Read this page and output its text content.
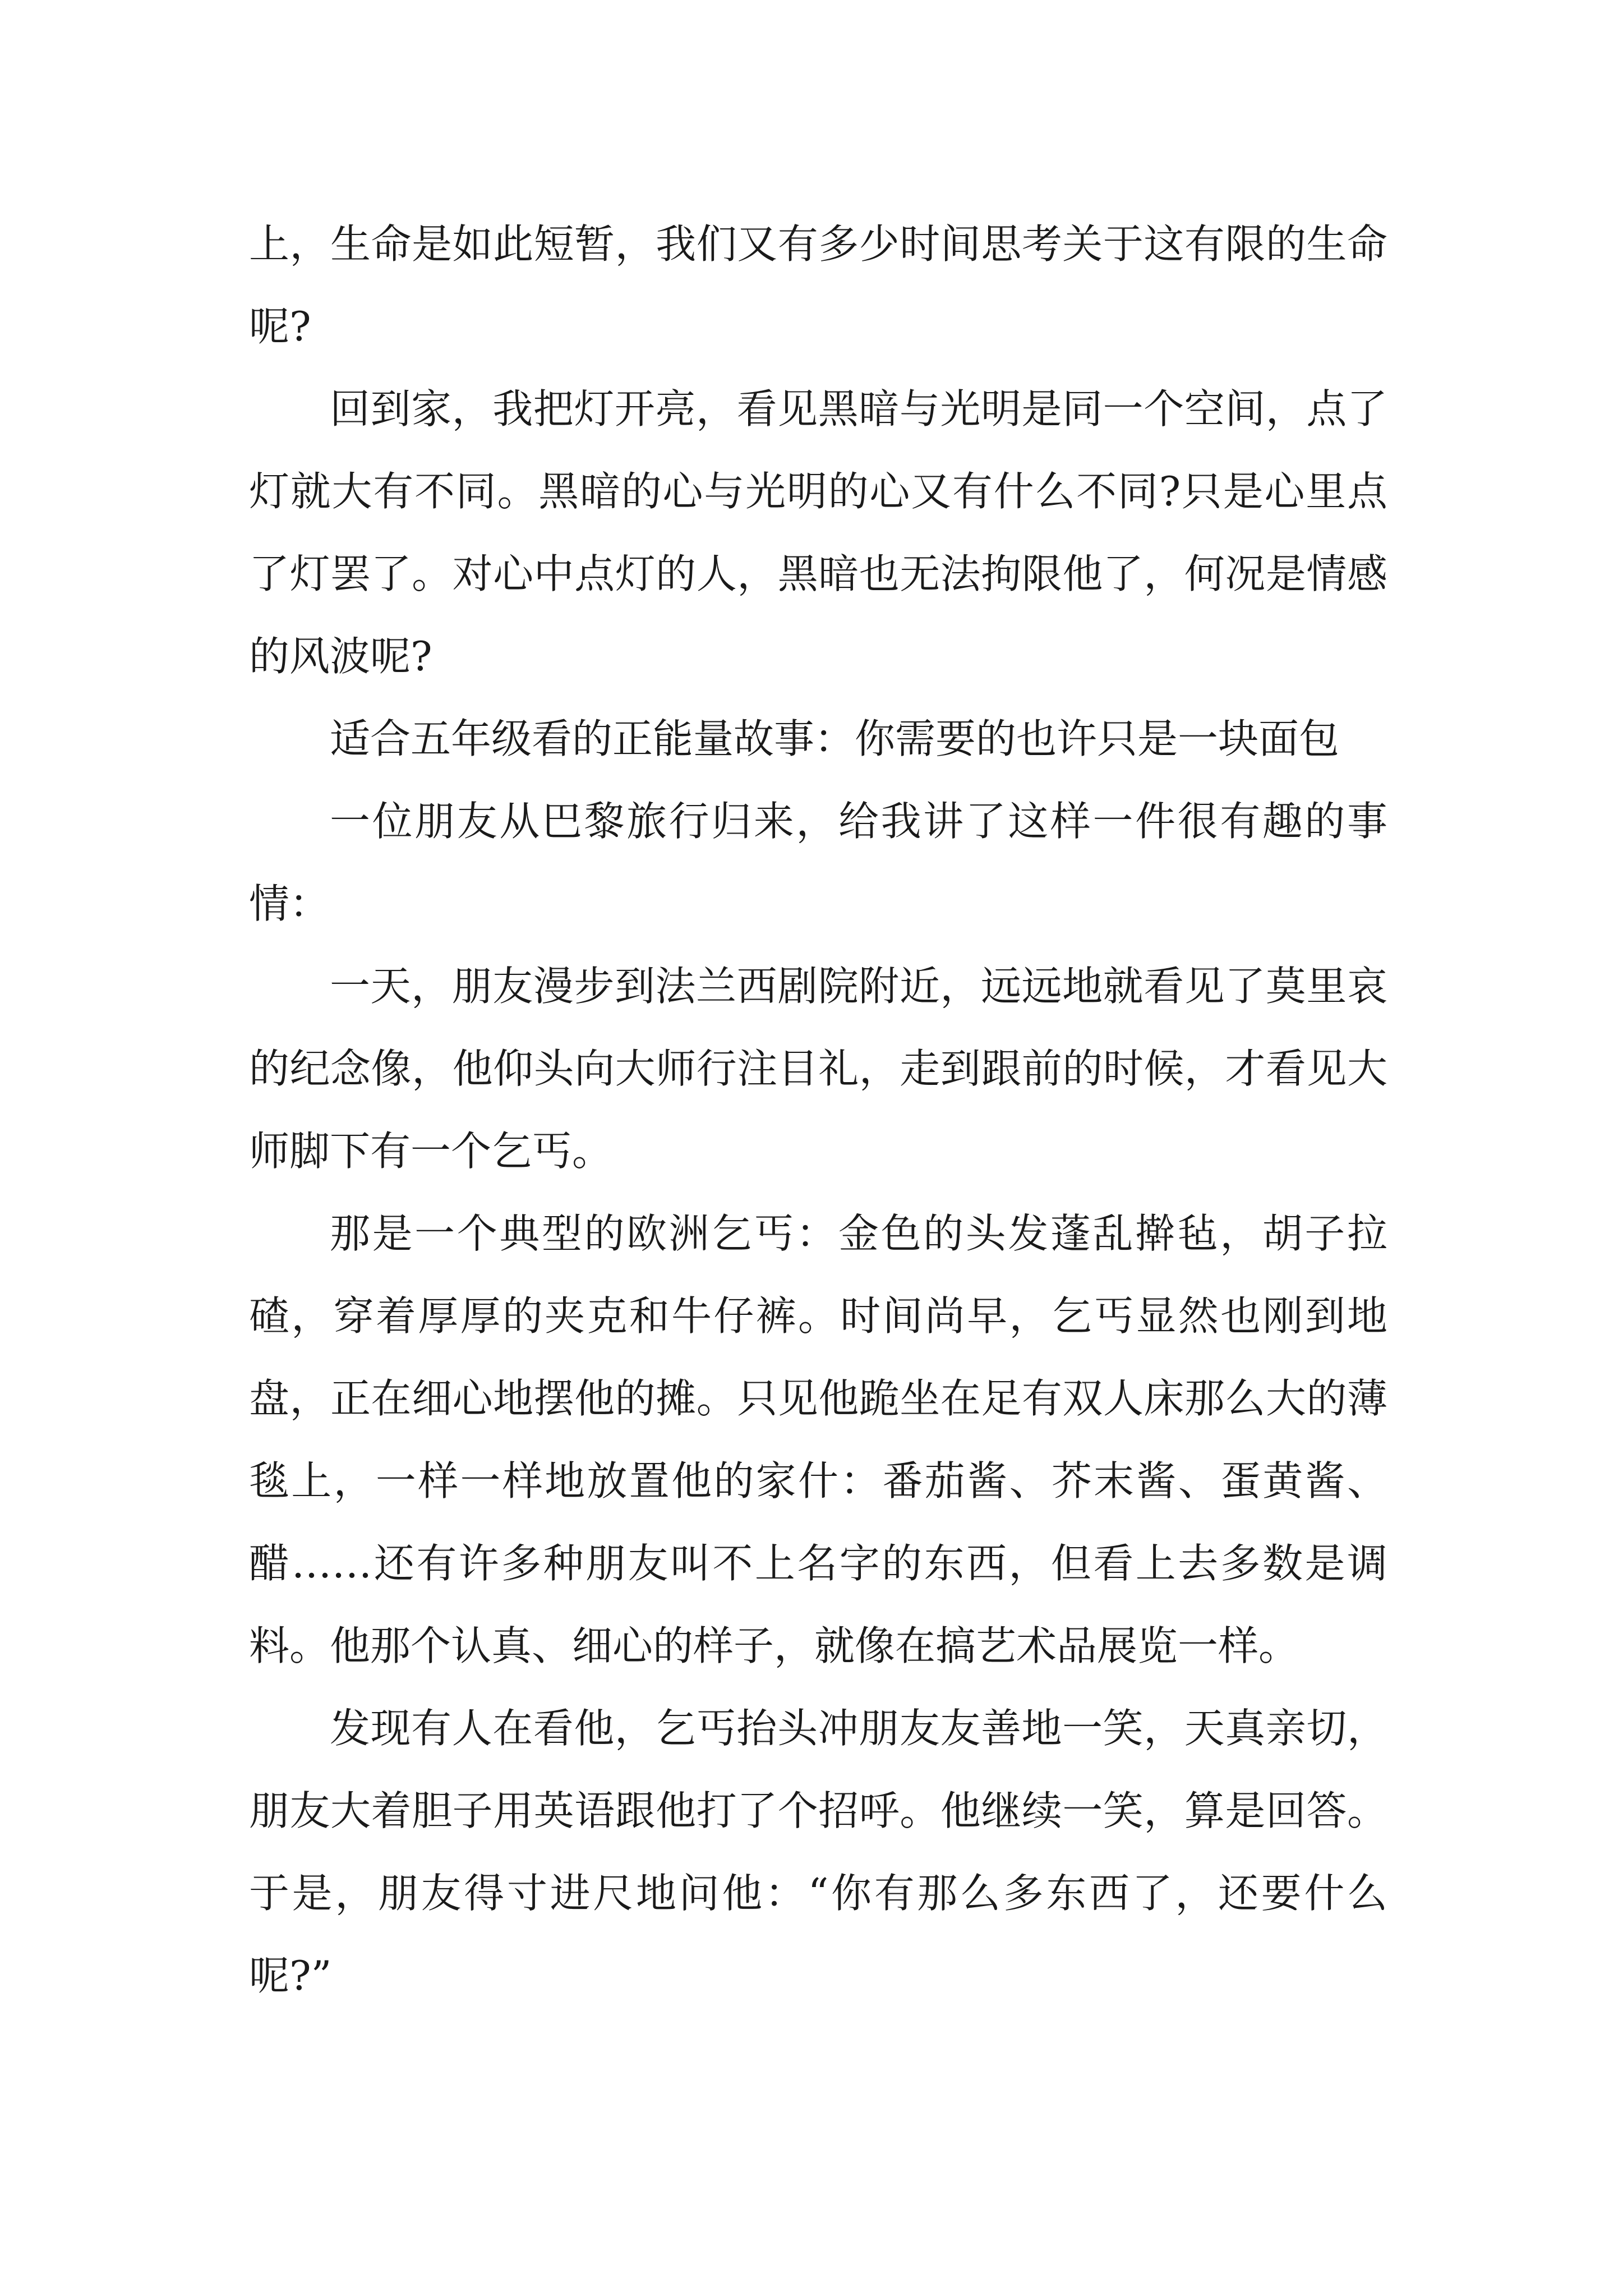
上，生命是如此短暂，我们又有多少时间思考关于这有限的生命呢?

回到家，我把灯开亮，看见黑暗与光明是同一个空间，点了灯就大有不同。黑暗的心与光明的心又有什么不同?只是心里点了灯罢了。对心中点灯的人，黑暗也无法拘限他了，何况是情感的风波呢?

适合五年级看的正能量故事：你需要的也许只是一块面包

一位朋友从巴黎旅行归来，给我讲了这样一件很有趣的事情：

一天，朋友漫步到法兰西剧院附近，远远地就看见了莫里哀的纪念像，他仰头向大师行注目礼，走到跟前的时候，才看见大师脚下有一个乞丐。

那是一个典型的欧洲乞丐：金色的头发蓬乱擀毡，胡子拉碴，穿着厚厚的夹克和牛仔裤。时间尚早，乞丐显然也刚到地盘，正在细心地摆他的摊。只见他跪坐在足有双人床那么大的薄毯上，一样一样地放置他的家什：番茄酱、芥末酱、蛋黄酱、醋……还有许多种朋友叫不上名字的东西，但看上去多数是调料。他那个认真、细心的样子，就像在搞艺术品展览一样。

发现有人在看他，乞丐抬头冲朋友友善地一笑，天真亲切，朋友大着胆子用英语跟他打了个招呼。他继续一笑，算是回答。于是，朋友得寸进尺地问他：“你有那么多东西了，还要什么呢?”
